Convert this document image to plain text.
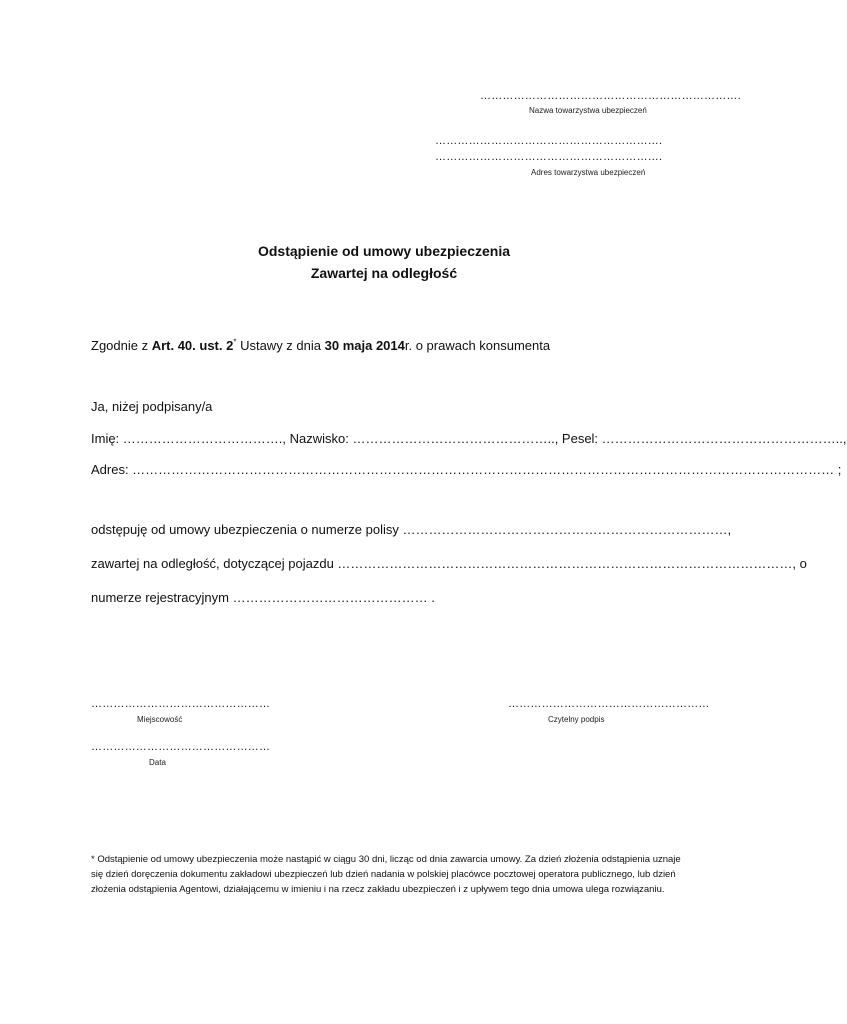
…………………………………………………………….
Nazwa towarzystwa ubezpieczeń
…………………………………………………….
…………………………………………………….
Adres towarzystwa ubezpieczeń
Odstąpienie od umowy ubezpieczenia
Zawartej na odległość
Zgodnie z Art. 40. ust. 2* Ustawy z dnia 30 maja 2014r. o prawach konsumenta
Ja, niżej podpisany/a
Imię: ………………………………., Nazwisko: ……………………………………….., Pesel: ………………………………………………..,
Adres: ……………………………………………………………………………………………………………………………………………… ;
odstępuję od umowy ubezpieczenia o numerze polisy …………………………………………………………………,
zawartej na odległość, dotyczącej pojazdu ……………………………………………………………………………………………, o
numerze rejestracyjnym ……………………………………… .
…………………………………………
Miejscowość
………………………………………………
Czytelny podpis
…………………………………………
Data
* Odstąpienie od umowy ubezpieczenia może nastąpić w ciągu 30 dni, licząc od dnia zawarcia umowy. Za dzień złożenia odstąpienia uznaje się dzień doręczenia dokumentu zakładowi ubezpieczeń lub dzień nadania w polskiej placówce pocztowej operatora publicznego, lub dzień złożenia odstąpienia Agentowi, działającemu w imieniu i na rzecz zakładu ubezpieczeń i z upływem tego dnia umowa ulega rozwiązaniu.
